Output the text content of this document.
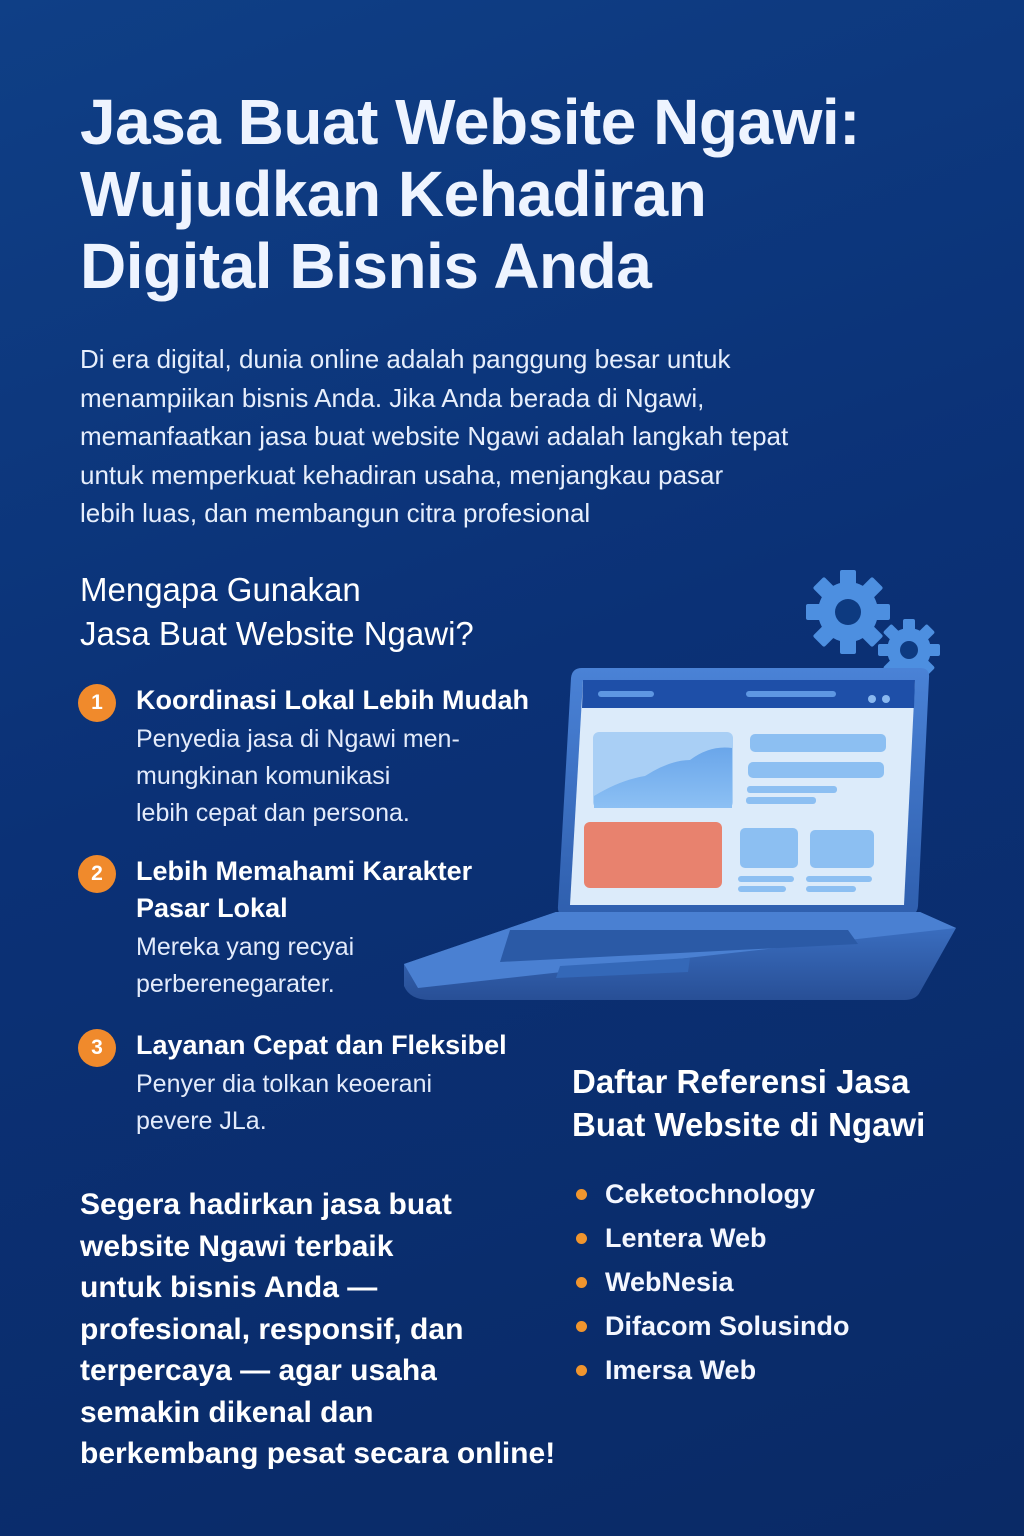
Jasa Buat Website Ngawi:
Wujudkan Kehadiran
Digital Bisnis Anda

Di era digital, dunia online adalah panggung besar untuk
menampiikan bisnis Anda. Jika Anda berada di Ngawi,
memanfaatkan jasa buat website Ngawi adalah langkah tepat
untuk memperkuat kehadiran usaha, menjangkau pasar
lebih luas, dan membangun citra profesional

Mengapa Gunakan
Jasa Buat Website Ngawi?
1	Koordinasi Lokal Lebih Mudah
Penyedia jasa di Ngawi men-
mungkinan komunikasi
lebih cepat dan persona.
2	Lebih Memahami Karakter
Pasar Lokal
Mereka yang recyai
perberenegarater.
3	Layanan Cepat dan Fleksibel
Penyer dia tolkan keoerani
pevere JLa.
Daftar Referensi Jasa
Buat Website di Ngawi
Ceketochnology
Lentera Web
WebNesia
Difacom Solusindo
Imersa Web

Segera hadirkan jasa buat
website Ngawi terbaik
untuk bisnis Anda —
profesional, responsif, dan
terpercaya — agar usaha
semakin dikenal dan
berkembang pesat secara online!
